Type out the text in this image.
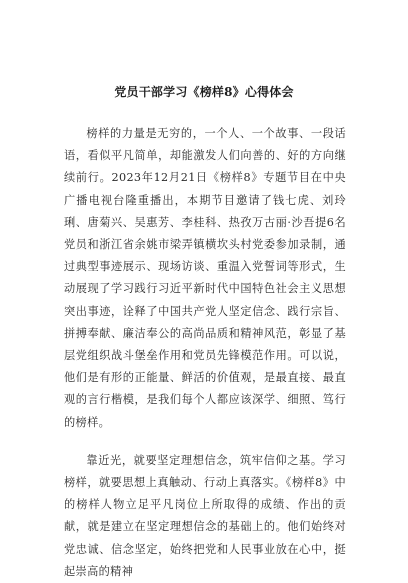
党员干部学习《榜样8》心得体会

榜样的力量是无穷的，一个人、一个故事、一段话语，看似平凡简单，却能激发人们向善的、好的方向继续前行。2023年12月21日《榜样8》专题节目在中央广播电视台隆重播出，本期节目邀请了钱七虎、刘玲琍、唐菊兴、吴惠芳、李桂科、热孜万古丽·沙吾提6名党员和浙江省余姚市梁弄镇横坎头村党委参加录制，通过典型事迹展示、现场访谈、重温入党誓词等形式，生动展现了学习践行习近平新时代中国特色社会主义思想突出事迹，诠释了中国共产党人坚定信念、践行宗旨、拼搏奉献、廉洁奉公的高尚品质和精神风范，彰显了基层党组织战斗堡垒作用和党员先锋模范作用。可以说，他们是有形的正能量、鲜活的价值观，是最直接、最直观的言行楷模，是我们每个人都应该深学、细照、笃行的榜样。

靠近光，就要坚定理想信念，筑牢信仰之基。学习榜样，就要思想上真触动、行动上真落实。《榜样8》中的榜样人物立足平凡岗位上所取得的成绩、作出的贡献，就是建立在坚定理想信念的基础上的。他们始终对党忠诚、信念坚定，始终把党和人民事业放在心中，挺起崇高的精神
